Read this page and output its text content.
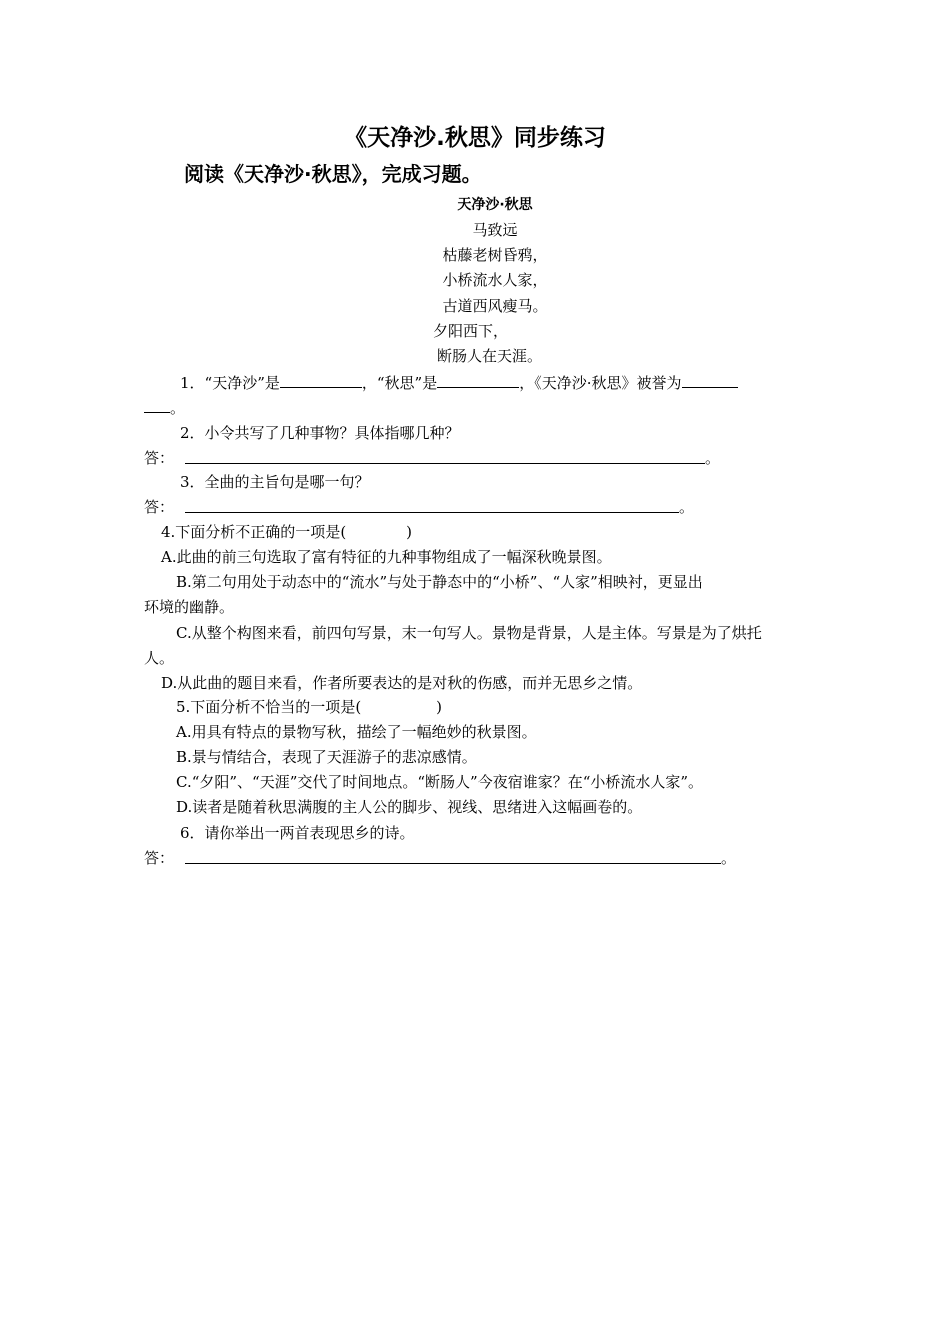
《天净沙.秋思》同步练习
阅读《天净沙·秋思》，完成习题。
天净沙·秋思
马致远
枯藤老树昏鸦，
小桥流水人家，
古道西风瘦马。
夕阳西下，
断肠人在天涯。
1．“天净沙”是	，“秋思”是	，《天净沙·秋思》被誉为
。
2．小令共写了几种事物？具体指哪几种？
答：	。
3．全曲的主旨句是哪一句？
答：	。
4.下面分析不正确的一项是(　　　　)
A.此曲的前三句选取了富有特征的九种事物组成了一幅深秋晚景图。
B.第二句用处于动态中的“流水”与处于静态中的“小桥”、“人家”相映衬，更显出
环境的幽静。
C.从整个构图来看，前四句写景，末一句写人。景物是背景，人是主体。写景是为了烘托
人。
D.从此曲的题目来看，作者所要表达的是对秋的伤感，而并无思乡之情。
5.下面分析不恰当的一项是(　　　　　)
A.用具有特点的景物写秋，描绘了一幅绝妙的秋景图。
B.景与情结合，表现了天涯游子的悲凉感情。
C.“夕阳”、“天涯”交代了时间地点。“断肠人”今夜宿谁家？在“小桥流水人家”。
D.读者是随着秋思满腹的主人公的脚步、视线、思绪进入这幅画卷的。
6．请你举出一两首表现思乡的诗。
答：	。
